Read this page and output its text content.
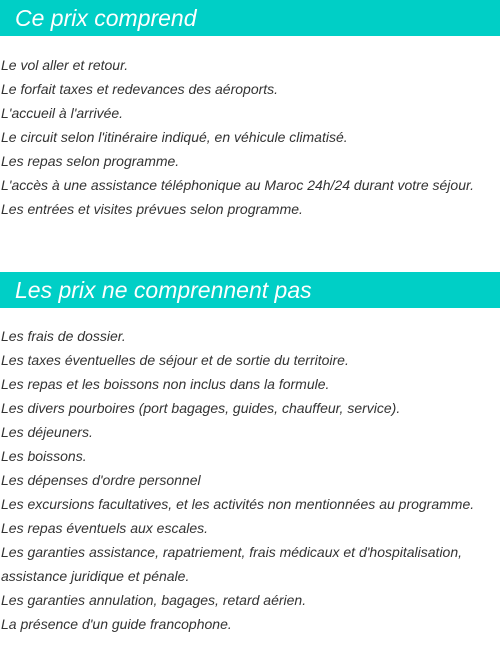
Ce prix comprend
Le vol aller et retour.
Le forfait taxes et redevances des aéroports.
L'accueil à l'arrivée.
Le circuit selon l'itinéraire indiqué, en véhicule climatisé.
Les repas selon programme.
L'accès à une assistance téléphonique au Maroc 24h/24 durant votre séjour.
Les entrées et visites prévues selon programme.
Les prix ne comprennent pas
Les frais de dossier.
Les taxes éventuelles de séjour et de sortie du territoire.
Les repas et les boissons non inclus dans la formule.
Les divers pourboires (port bagages, guides, chauffeur, service).
Les déjeuners.
Les boissons.
Les dépenses d'ordre personnel
Les excursions facultatives, et les activités non mentionnées au programme.
Les repas éventuels aux escales.
Les garanties assistance, rapatriement, frais médicaux et d'hospitalisation,
assistance juridique et pénale.
Les garanties annulation, bagages, retard aérien.
La présence d'un guide francophone.
